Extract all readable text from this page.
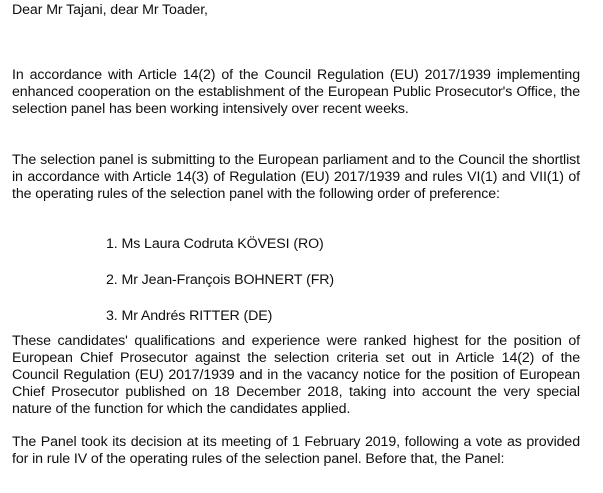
Dear Mr Tajani, dear Mr Toader,

In accordance with Article 14(2) of the Council Regulation (EU) 2017/1939 implementing enhanced cooperation on the establishment of the European Public Prosecutor's Office, the selection panel has been working intensively over recent weeks.

The selection panel is submitting to the European parliament and to the Council the shortlist in accordance with Article 14(3) of Regulation (EU) 2017/1939 and rules VI(1) and VII(1) of the operating rules of the selection panel with the following order of preference:

1. Ms Laura Codruta KÖVESI (RO)
2. Mr Jean-François BOHNERT (FR)
3. Mr Andrés RITTER (DE)

These candidates' qualifications and experience were ranked highest for the position of European Chief Prosecutor against the selection criteria set out in Article 14(2) of the Council Regulation (EU) 2017/1939 and in the vacancy notice for the position of European Chief Prosecutor published on 18 December 2018, taking into account the very special nature of the function for which the candidates applied.

The Panel took its decision at its meeting of 1 February 2019, following a vote as provided for in rule IV of the operating rules of the selection panel. Before that, the Panel:
